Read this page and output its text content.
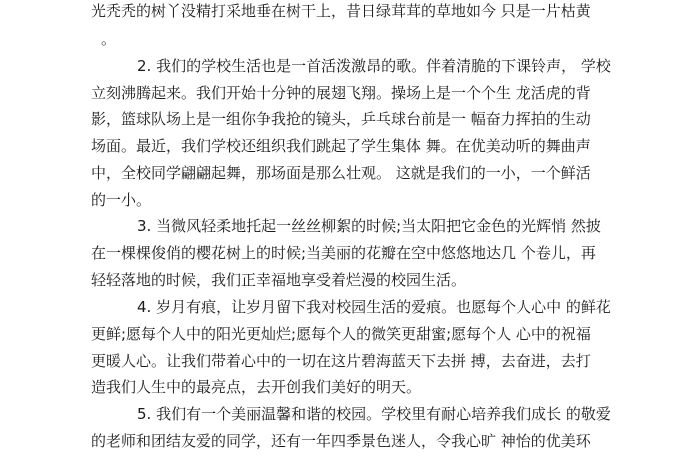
光秃秃的树丫没精打采地垂在树干上，昔日绿茸茸的草地如今 只是一片枯黄
。
2. 我们的学校生活也是一首活泼激昂的歌。伴着清脆的下课铃声， 学校
立刻沸腾起来。我们开始十分钟的展翅飞翔。操场上是一个个生 龙活虎的背
影，篮球队场上是一组你争我抢的镜头，乒乓球台前是一 幅奋力挥拍的生动
场面。最近，我们学校还组织我们跳起了学生集体 舞。在优美动听的舞曲声
中，全校同学翩翩起舞，那场面是那么壮观。 这就是我们的一小，一个鲜活
的一小。
3. 当微风轻柔地托起一丝丝柳絮的时候;当太阳把它金色的光辉悄 然披
在一棵棵俊俏的樱花树上的时候;当美丽的花瓣在空中悠悠地达几 个卷儿，再
轻轻落地的时候，我们正幸福地享受着烂漫的校园生活。
4. 岁月有痕，让岁月留下我对校园生活的爱痕。也愿每个人心中 的鲜花
更鲜;愿每个人中的阳光更灿烂;愿每个人的微笑更甜蜜;愿每个人 心中的祝福
更暖人心。让我们带着心中的一切在这片碧海蓝天下去拼 搏，去奋进，去打
造我们人生中的最亮点，去开创我们美好的明天。
5. 我们有一个美丽温馨和谐的校园。学校里有耐心培养我们成长 的敬爱
的老师和团结友爱的同学，还有一年四季景色迷人，令我心旷 神怡的优美环
